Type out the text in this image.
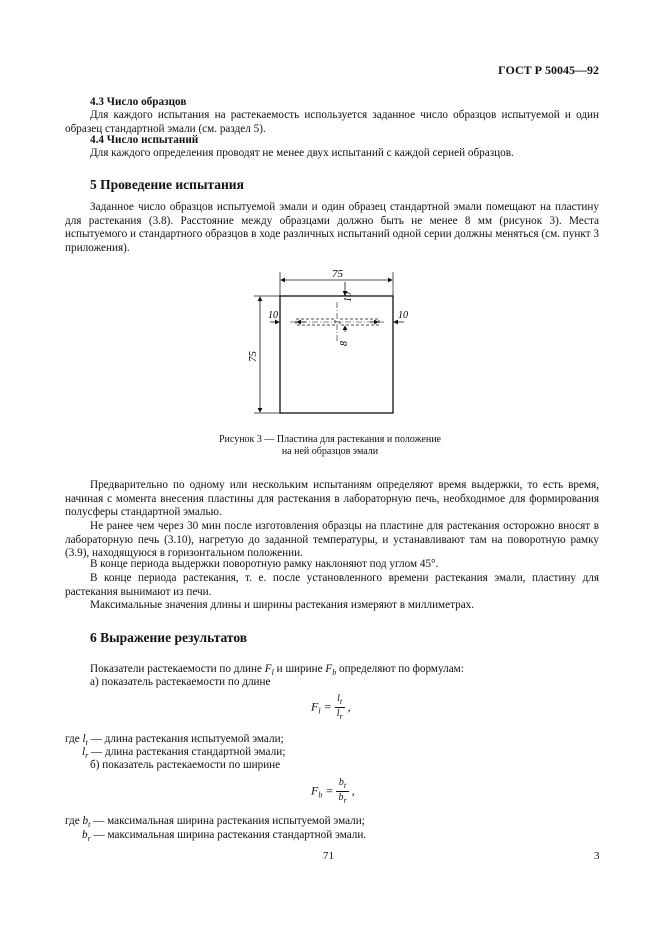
ГОСТ Р 50045—92
4.3 Число образцов
Для каждого испытания на растекаемость используется заданное число образцов испытуемой и один образец стандартной эмали (см. раздел 5).
4.4 Число испытаний
Для каждого определения проводят не менее двух испытаний с каждой серией образцов.
5 Проведение испытания
Заданное число образцов испытуемой эмали и один образец стандартной эмали помещают на пластину для растекания (3.8). Расстояние между образцами должно быть не менее 8 мм (рисунок 3). Места испытуемого и стандартного образцов в ходе различных испытаний одной серии должны меняться (см. пункт 3 приложения).
75
75
10
10	10
8
Рисунок 3 — Пластина для растекания и положение
на ней образцов эмали
Предварительно по одному или нескольким испытаниям определяют время выдержки, то есть время, начиная с момента внесения пластины для растекания в лабораторную печь, необходимое для формирования полусферы стандартной эмалью.
Не ранее чем через 30 мин после изготовления образцы на пластине для растекания осторожно вносят в лабораторную печь (3.10), нагретую до заданной температуры, и устанавливают там на поворотную рамку (3.9), находящуюся в горизонтальном положении.
В конце периода выдержки поворотную рамку наклоняют под углом 45°.
В конце периода растекания, т. е. после установленного времени растекания эмали, пластину для растекания вынимают из печи.
Максимальные значения длины и ширины растекания измеряют в миллиметрах.
6 Выражение результатов
Показатели растекаемости по длине $F_l$ и ширине $F_b$ определяют по формулам:
а) показатель растекаемости по длине
$F_l = \frac{l_t}{l_r}$ ,
где $l_t$ — длина растекания испытуемой эмали;
$l_r$ — длина растекания стандартной эмали;
б) показатель растекаемости по ширине
$F_b = \frac{b_t}{b_r}$ ,
где $b_t$ — максимальная ширина растекания испытуемой эмали;
$b_r$ — максимальная ширина растекания стандартной эмали.
71	3
